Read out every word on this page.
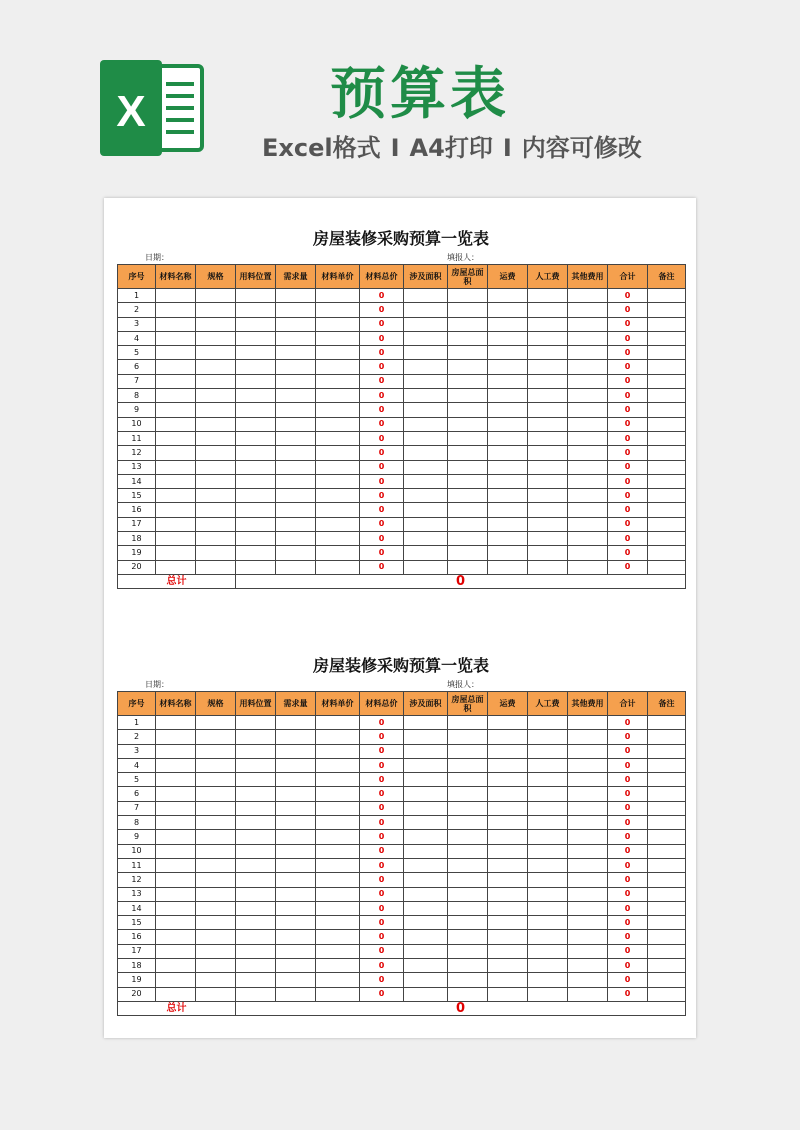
X	预算表
Excel格式 I A4打印 I 内容可修改
房屋装修采购预算一览表
日期：	填报人：
序号	材料名称	规格	用料位置	需求量	材料单价	材料总价	涉及面积	房屋总面积	运费	人工费	其他费用	合计	备注
1						0						0	
2						0						0	
3						0						0	
4						0						0	
5						0						0	
6						0						0	
7						0						0	
8						0						0	
9						0						0	
10						0						0	
11						0						0	
12						0						0	
13						0						0	
14						0						0	
15						0						0	
16						0						0	
17						0						0	
18						0						0	
19						0						0	
20						0						0	
总计			0										
房屋装修采购预算一览表
日期：	填报人：
序号	材料名称	规格	用料位置	需求量	材料单价	材料总价	涉及面积	房屋总面积	运费	人工费	其他费用	合计	备注
1						0						0	
2						0						0	
3						0						0	
4						0						0	
5						0						0	
6						0						0	
7						0						0	
8						0						0	
9						0						0	
10						0						0	
11						0						0	
12						0						0	
13						0						0	
14						0						0	
15						0						0	
16						0						0	
17						0						0	
18						0						0	
19						0						0	
20						0						0	
总计			0										
